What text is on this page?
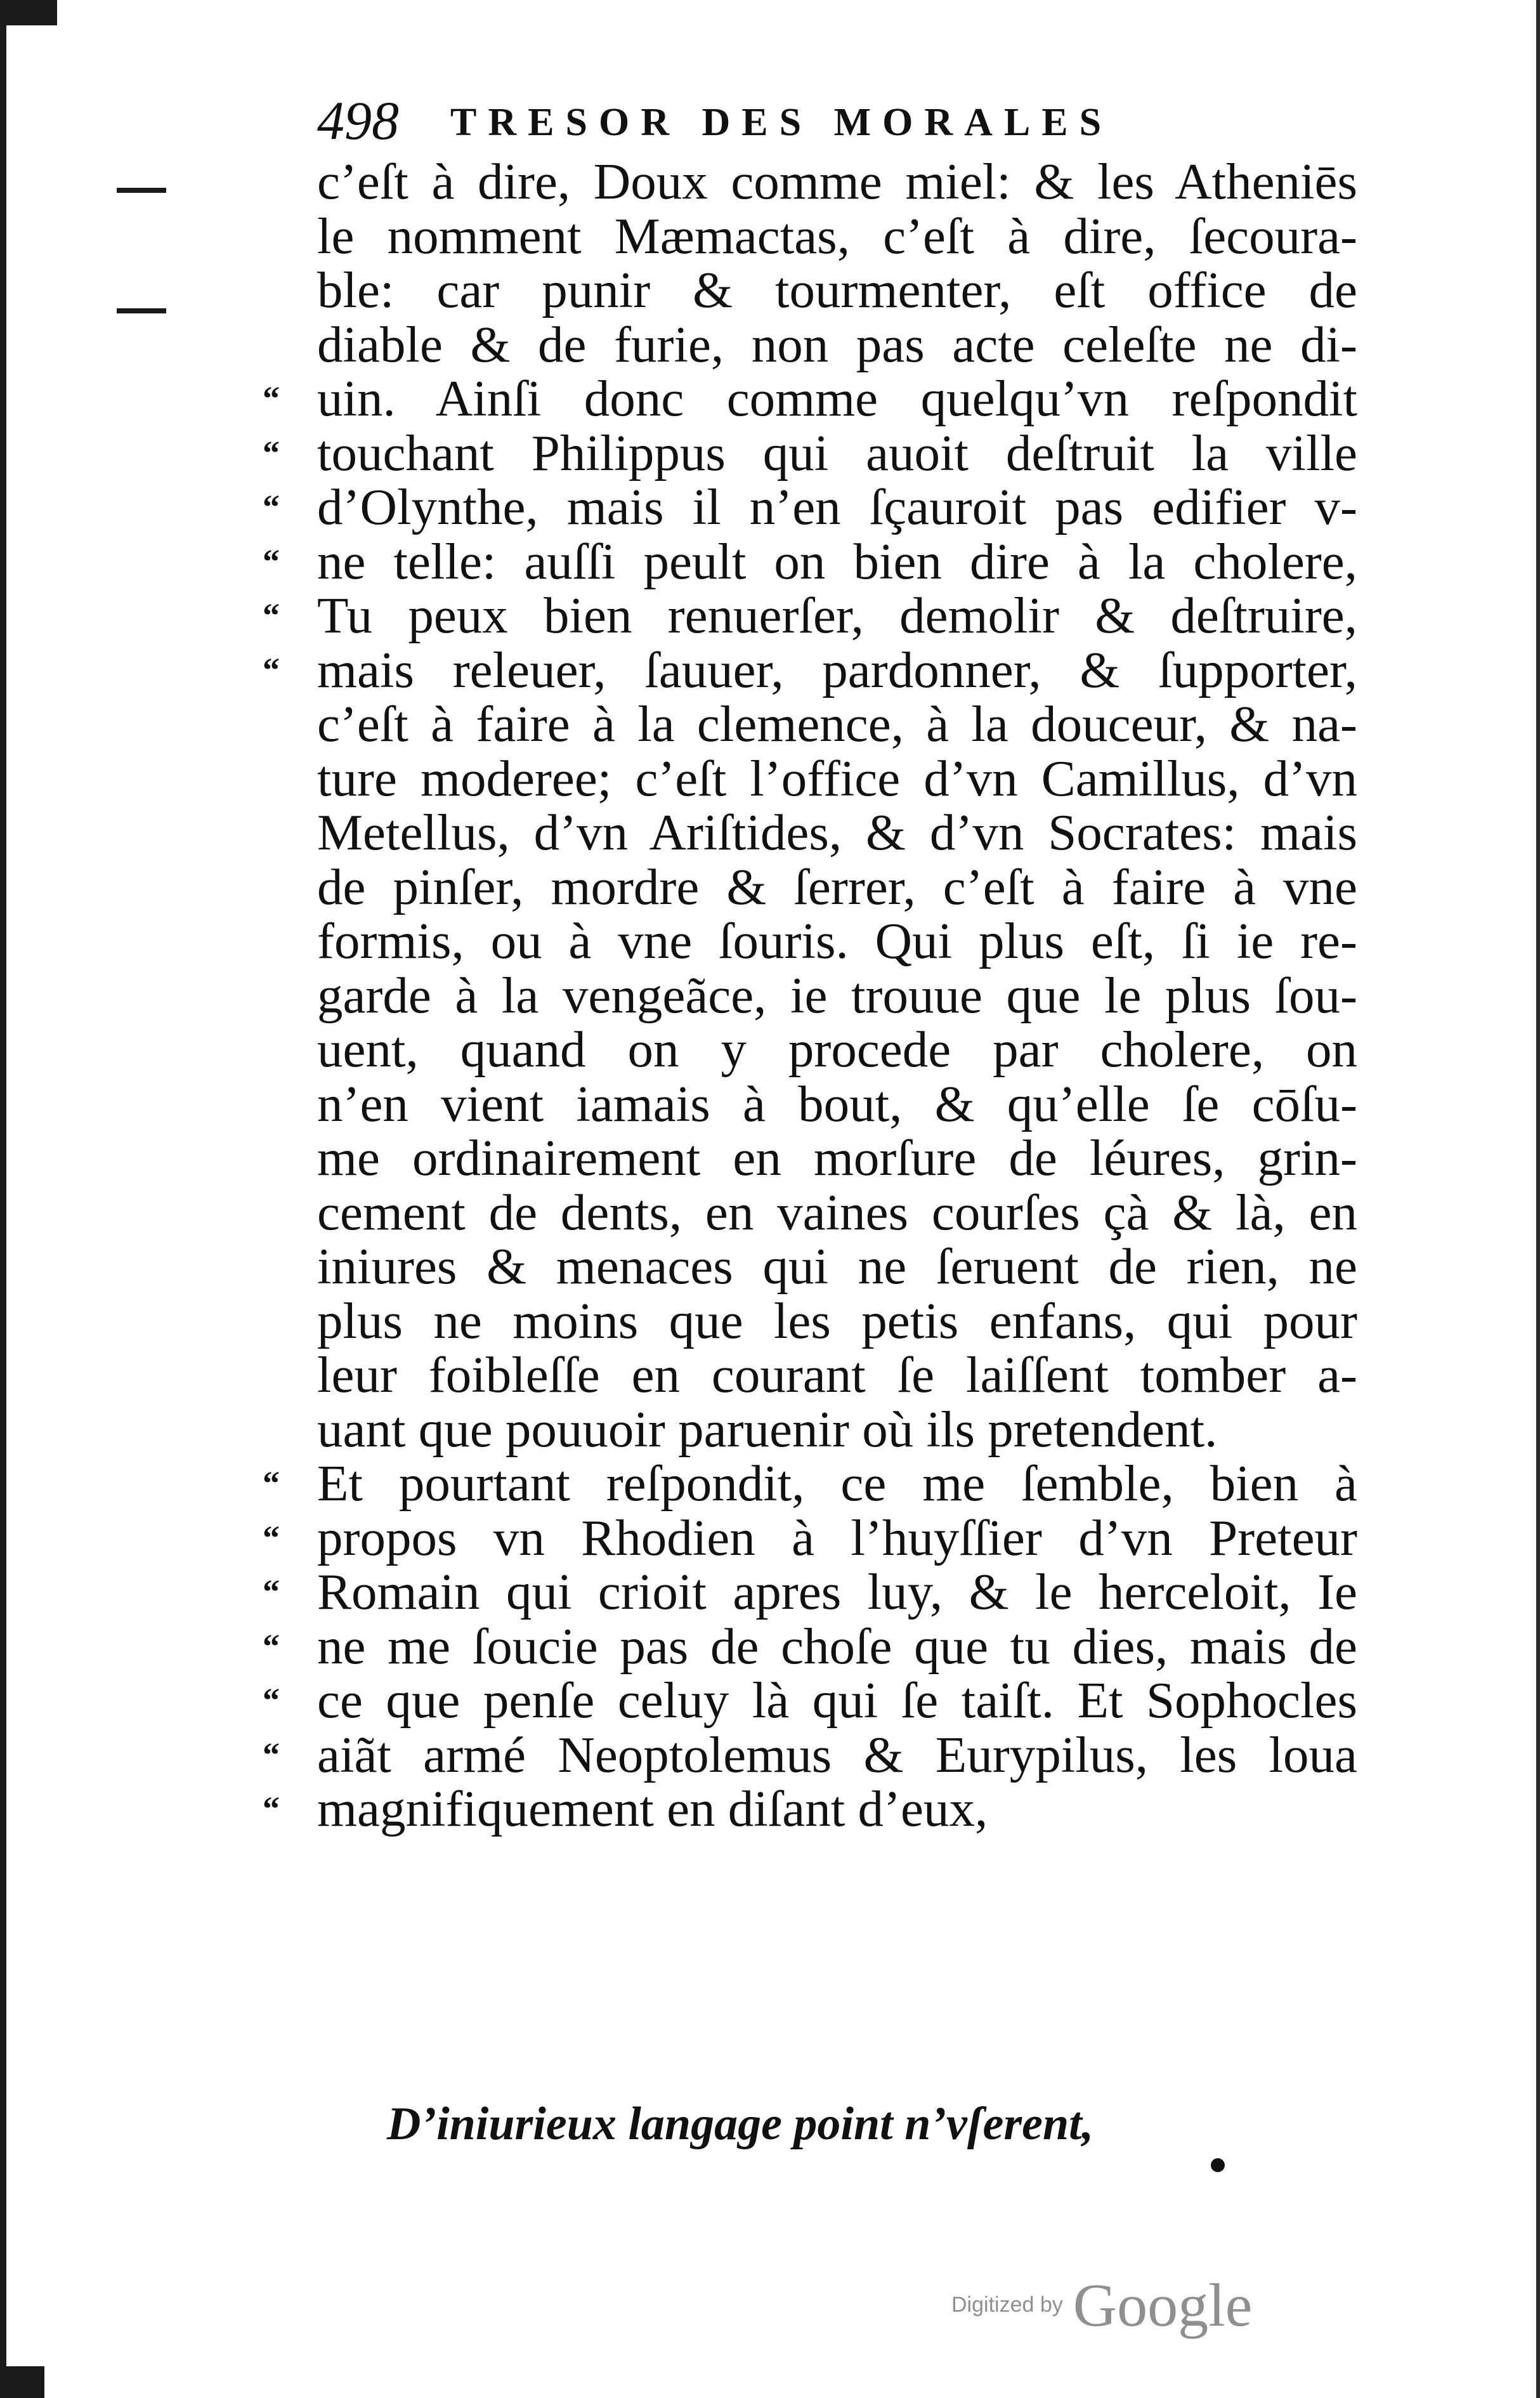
498 TRESOR DES MORALES
c’eſt à dire, Doux comme miel: & les Atheniēs
le nomment Mæmactas, c’eſt à dire, ſecoura-
ble: car punir & tourmenter, eſt office de
diable & de furie, non pas acte celeſte ne di-
“ uin. Ainſi donc comme quelqu’vn reſpondit
“ touchant Philippus qui auoit deſtruit la ville
“ d’Olynthe, mais il n’en ſçauroit pas edifier v-
“ ne telle: auſſi peult on bien dire à la cholere,
“ Tu peux bien renuerſer, demolir & deſtruire,
“ mais releuer, ſauuer, pardonner, & ſupporter,
c’eſt à faire à la clemence, à la douceur, & na-
ture moderee; c’eſt l’office d’vn Camillus, d’vn
Metellus, d’vn Ariſtides, & d’vn Socrates: mais
de pinſer, mordre & ſerrer, c’eſt à faire à vne
formis, ou à vne ſouris. Qui plus eſt, ſi ie re-
garde à la vengeãce, ie trouue que le plus ſou-
uent, quand on y procede par cholere, on
n’en vient iamais à bout, & qu’elle ſe cōſu-
me ordinairement en morſure de léures, grin-
cement de dents, en vaines courſes çà & là, en
iniures & menaces qui ne ſeruent de rien, ne
plus ne moins que les petis enfans, qui pour
leur foibleſſe en courant ſe laiſſent tomber a-
uant que pouuoir paruenir où ils pretendent.
“ Et pourtant reſpondit, ce me ſemble, bien à
“ propos vn Rhodien à l’huyſſier d’vn Preteur
“ Romain qui crioit apres luy, & le herceloit, Ie
“ ne me ſoucie pas de choſe que tu dies, mais de
“ ce que penſe celuy là qui ſe taiſt. Et Sophocles
“ aiãt armé Neoptolemus & Eurypilus, les loua
“ magnifiquement en diſant d’eux,
D’iniurieux langage point n’vſerent,
Digitized by Google
